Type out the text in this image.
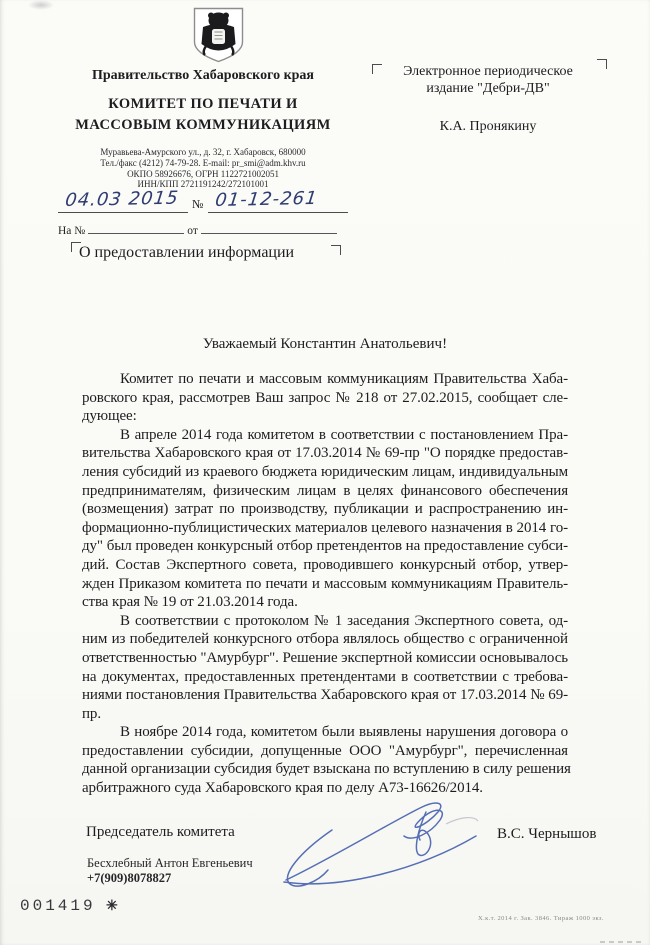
Правительство Хабаровского края
КОМИТЕТ ПО ПЕЧАТИ И
МАССОВЫМ КОММУНИКАЦИЯМ
Муравьева-Амурского ул., д. 32, г. Хабаровск, 680000
Тел./факс (4212) 74-79-28. E-mail: pr_smi@adm.khv.ru
ОКПО 58926676, ОГРН 1122721002051
ИНН/КПП 2721191242/272101001
04.03 2015 № 01-12-261
На №	от
О предоставлении информации
Электронное периодическое
издание "Дебри-ДВ"
К.А. Пронякину
Уважаемый Константин Анатольевич!
Комитет по печати и массовым коммуникациям Правительства Хаба-
ровского края, рассмотрев Ваш запрос № 218 от 27.02.2015, сообщает сле-
дующее:
В апреле 2014 года комитетом в соответствии с постановлением Пра-
вительства Хабаровского края от 17.03.2014 № 69-пр "О порядке предостав-
ления субсидий из краевого бюджета юридическим лицам, индивидуальным
предпринимателям, физическим лицам в целях финансового обеспечения
(возмещения) затрат по производству, публикации и распространению ин-
формационно-публицистических материалов целевого назначения в 2014 го-
ду" был проведен конкурсный отбор претендентов на предоставление субси-
дий. Состав Экспертного совета, проводившего конкурсный отбор, утвер-
жден Приказом комитета по печати и массовым коммуникациям Правитель-
ства края № 19 от 21.03.2014 года.
В соответствии с протоколом № 1 заседания Экспертного совета, од-
ним из победителей конкурсного отбора являлось общество с ограниченной
ответственностью "Амурбург". Решение экспертной комиссии основывалось
на документах, предоставленных претендентами в соответствии с требова-
ниями постановления Правительства Хабаровского края от 17.03.2014 № 69-
пр.
В ноябре 2014 года, комитетом были выявлены нарушения договора о
предоставлении субсидии, допущенные ООО "Амурбург", перечисленная
данной организации субсидия будет взыскана по вступлению в силу решения
арбитражного суда Хабаровского края по делу А73-16626/2014.
Председатель комитета	В.С. Чернышов
Бесхлебный Антон Евгеньевич
+7(909)8078827
001419 ✳
Х.к.т. 2014 г. Зак. 3846. Тираж 1000 экз.
